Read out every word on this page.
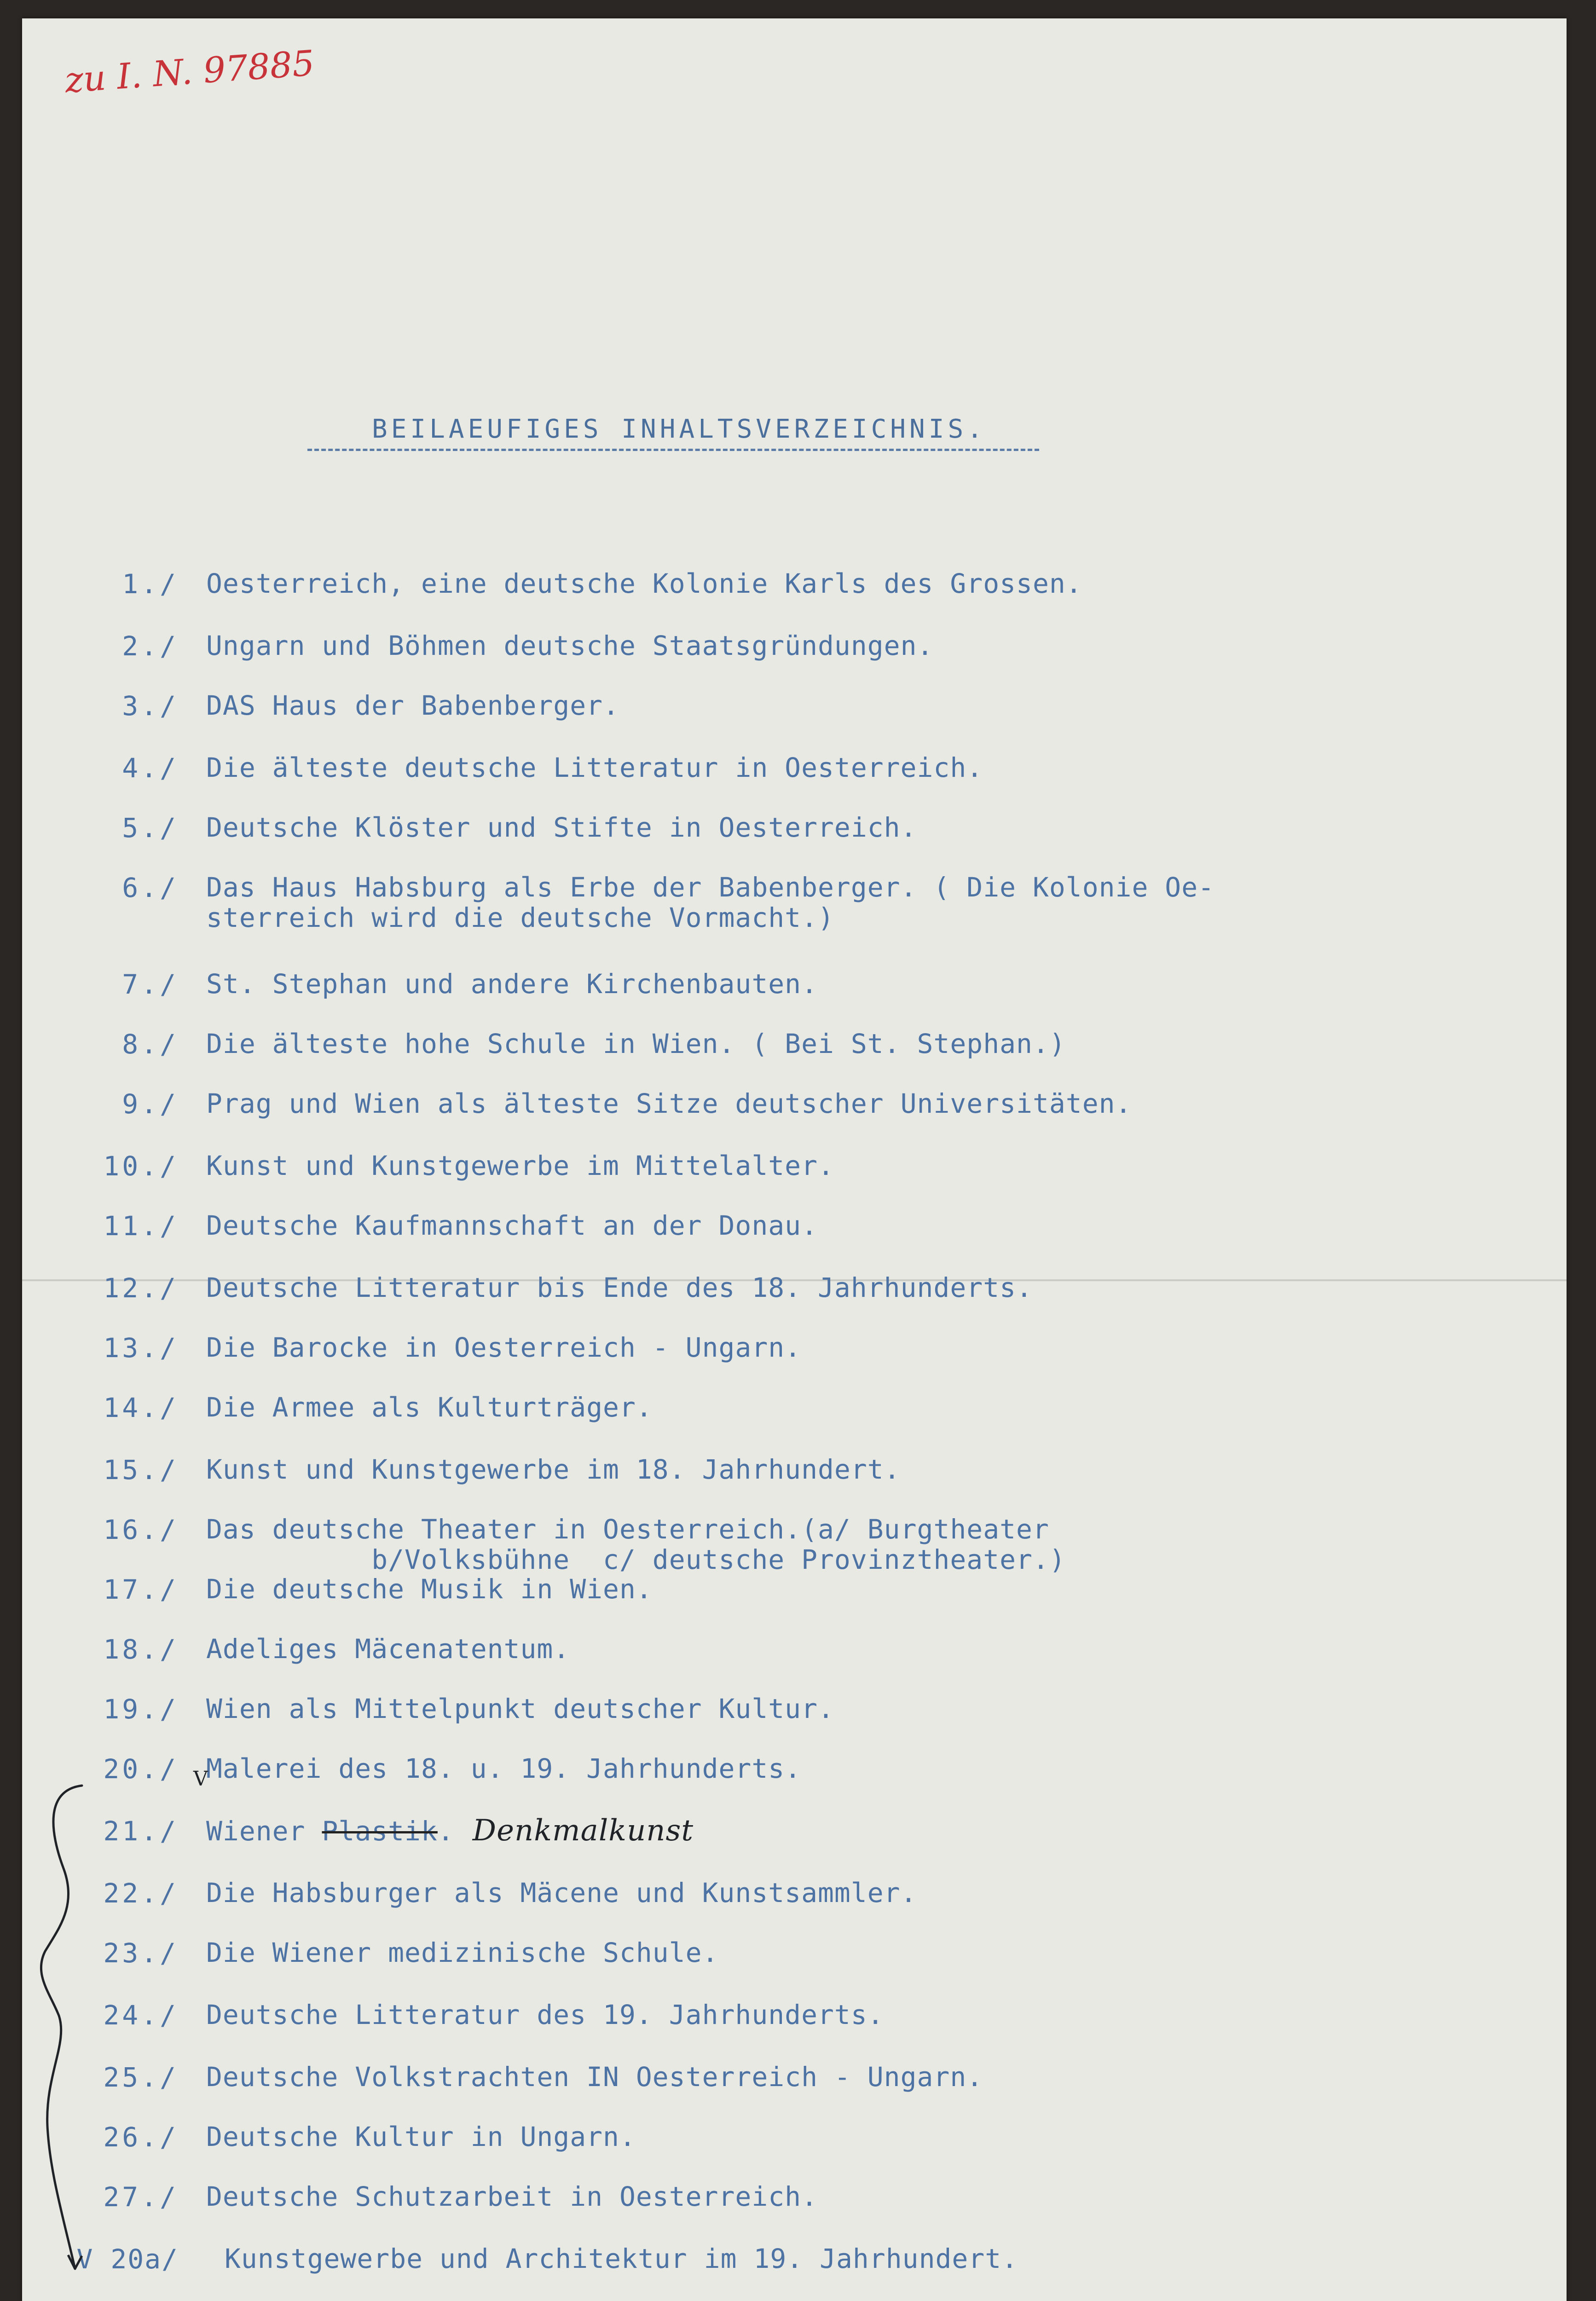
zu I. N. 97885
BEILAEUFIGES INHALTSVERZEICHNIS.
1./ Oesterreich, eine deutsche Kolonie Karls des Grossen.
2./ Ungarn und Böhmen deutsche Staatsgründungen.
3./ DAS Haus der Babenberger.
4./ Die älteste deutsche Litteratur in Oesterreich.
5./ Deutsche Klöster und Stifte in Oesterreich.
6./ Das Haus Habsburg als Erbe der Babenberger. ( Die Kolonie Oe-
sterreich wird die deutsche Vormacht.)
7./ St. Stephan und andere Kirchenbauten.
8./ Die älteste hohe Schule in Wien. ( Bei St. Stephan.)
9./ Prag und Wien als älteste Sitze deutscher Universitäten.
10./ Kunst und Kunstgewerbe im Mittelalter.
11./ Deutsche Kaufmannschaft an der Donau.
12./ Deutsche Litteratur bis Ende des 18. Jahrhunderts.
13./ Die Barocke in Oesterreich - Ungarn.
14./ Die Armee als Kulturträger.
15./ Kunst und Kunstgewerbe im 18. Jahrhundert.
16./ Das deutsche Theater in Oesterreich.(a/ Burgtheater
b/Volksbühne  c/ deutsche Provinztheater.)
17./ Die deutsche Musik in Wien.
18./ Adeliges Mäcenatentum.
19./ Wien als Mittelpunkt deutscher Kultur.
20./ Malerei des 18. u. 19. Jahrhunderts.
21./ Wiener Plastik. Denkmalkunst
22./ Die Habsburger als Mäcene und Kunstsammler.
23./ Die Wiener medizinische Schule.
24./ Deutsche Litteratur des 19. Jahrhunderts.
25./ Deutsche Volkstrachten IN Oesterreich - Ungarn.
26./ Deutsche Kultur in Ungarn.
27./ Deutsche Schutzarbeit in Oesterreich.
V 20a/ Kunstgewerbe und Architektur im 19. Jahrhundert.
V
